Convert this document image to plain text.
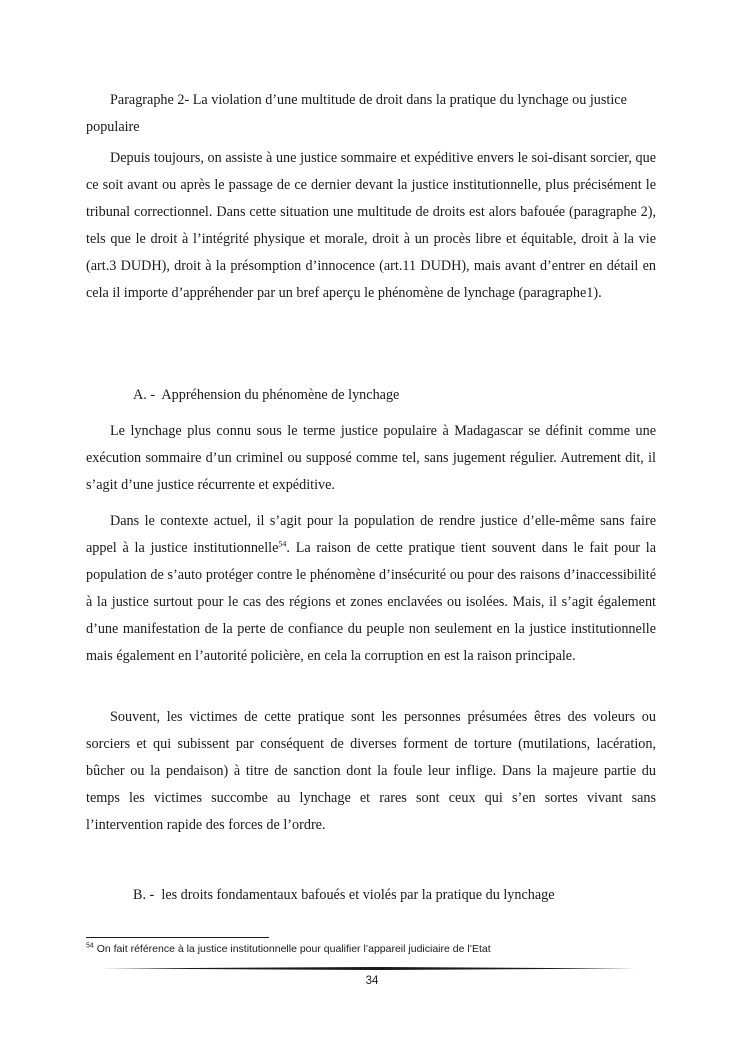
Paragraphe 2- La violation d’une multitude de droit dans la pratique du lynchage ou justice populaire

Depuis toujours, on assiste à une justice sommaire et expéditive envers le soi-disant sorcier, que ce soit avant ou après le passage de ce dernier devant la justice institutionnelle, plus précisément le tribunal correctionnel. Dans cette situation une multitude de droits est alors bafouée (paragraphe 2), tels que le droit à l’intégrité physique et morale, droit à un procès libre et équitable, droit à la vie (art.3 DUDH), droit à la présomption d’innocence (art.11 DUDH), mais avant d’entrer en détail en cela il importe d’appréhender par un bref aperçu le phénomène de lynchage (paragraphe1).

A. - Appréhension du phénomène de lynchage

Le lynchage plus connu sous le terme justice populaire à Madagascar se définit comme une exécution sommaire d’un criminel ou supposé comme tel, sans jugement régulier. Autrement dit, il s’agit d’une justice récurrente et expéditive.

Dans le contexte actuel, il s’agit pour la population de rendre justice d’elle-même sans faire appel à la justice institutionnelle$^{54}$. La raison de cette pratique tient souvent dans le fait pour la population de s’auto protéger contre le phénomène d’insécurité ou pour des raisons d’inaccessibilité à la justice surtout pour le cas des régions et zones enclavées ou isolées. Mais, il s’agit également d’une manifestation de la perte de confiance du peuple non seulement en la justice institutionnelle mais également en l’autorité policière, en cela la corruption en est la raison principale.

Souvent, les victimes de cette pratique sont les personnes présumées êtres des voleurs ou sorciers et qui subissent par conséquent de diverses forment de torture (mutilations, lacération, bûcher ou la pendaison) à titre de sanction dont la foule leur inflige. Dans la majeure partie du temps les victimes succombe au lynchage et rares sont ceux qui s’en sortes vivant sans l’intervention rapide des forces de l’ordre.

B. - les droits fondamentaux bafoués et violés par la pratique du lynchage

$^{54}$ On fait référence à la justice institutionnelle pour qualifier l’appareil judiciaire de l’Etat
34
